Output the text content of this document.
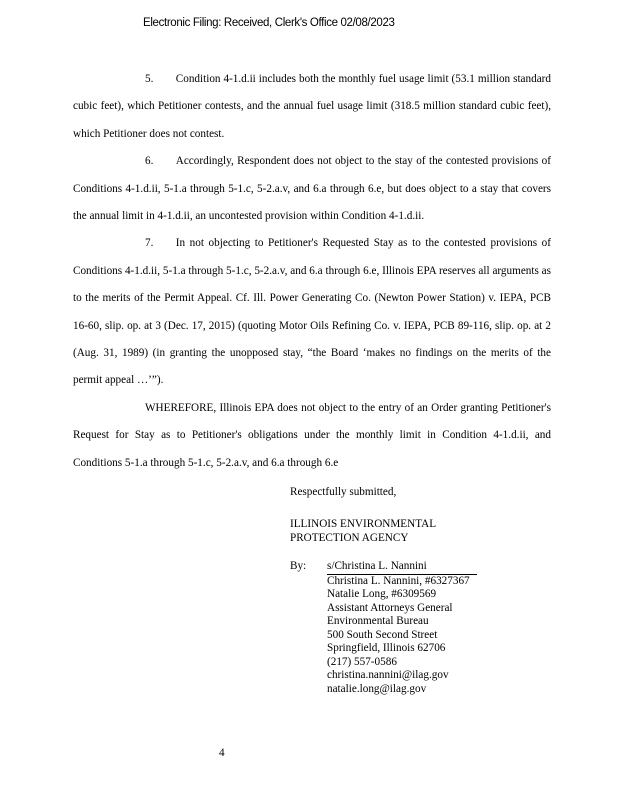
Electronic Filing: Received, Clerk's Office 02/08/2023

5.  Condition 4-1.d.ii includes both the monthly fuel usage limit (53.1 million standard cubic feet), which Petitioner contests, and the annual fuel usage limit (318.5 million standard cubic feet), which Petitioner does not contest.

6.  Accordingly, Respondent does not object to the stay of the contested provisions of Conditions 4-1.d.ii, 5-1.a through 5-1.c, 5-2.a.v, and 6.a through 6.e, but does object to a stay that covers the annual limit in 4-1.d.ii, an uncontested provision within Condition 4-1.d.ii.

7.  In not objecting to Petitioner's Requested Stay as to the contested provisions of Conditions 4-1.d.ii, 5-1.a through 5-1.c, 5-2.a.v, and 6.a through 6.e, Illinois EPA reserves all arguments as to the merits of the Permit Appeal. Cf. Ill. Power Generating Co. (Newton Power Station) v. IEPA, PCB 16-60, slip. op. at 3 (Dec. 17, 2015) (quoting Motor Oils Refining Co. v. IEPA, PCB 89-116, slip. op. at 2 (Aug. 31, 1989) (in granting the unopposed stay, “the Board ‘makes no findings on the merits of the permit appeal …’”).

WHEREFORE, Illinois EPA does not object to the entry of an Order granting Petitioner's Request for Stay as to Petitioner's obligations under the monthly limit in Condition 4-1.d.ii, and Conditions 5-1.a through 5-1.c, 5-2.a.v, and 6.a through 6.e

Respectfully submitted,
ILLINOIS ENVIRONMENTAL
PROTECTION AGENCY
By: s/Christina L. Nannini
Christina L. Nannini, #6327367
Natalie Long, #6309569
Assistant Attorneys General
Environmental Bureau
500 South Second Street
Springfield, Illinois 62706
(217) 557-0586
christina.nannini@ilag.gov
natalie.long@ilag.gov
4
